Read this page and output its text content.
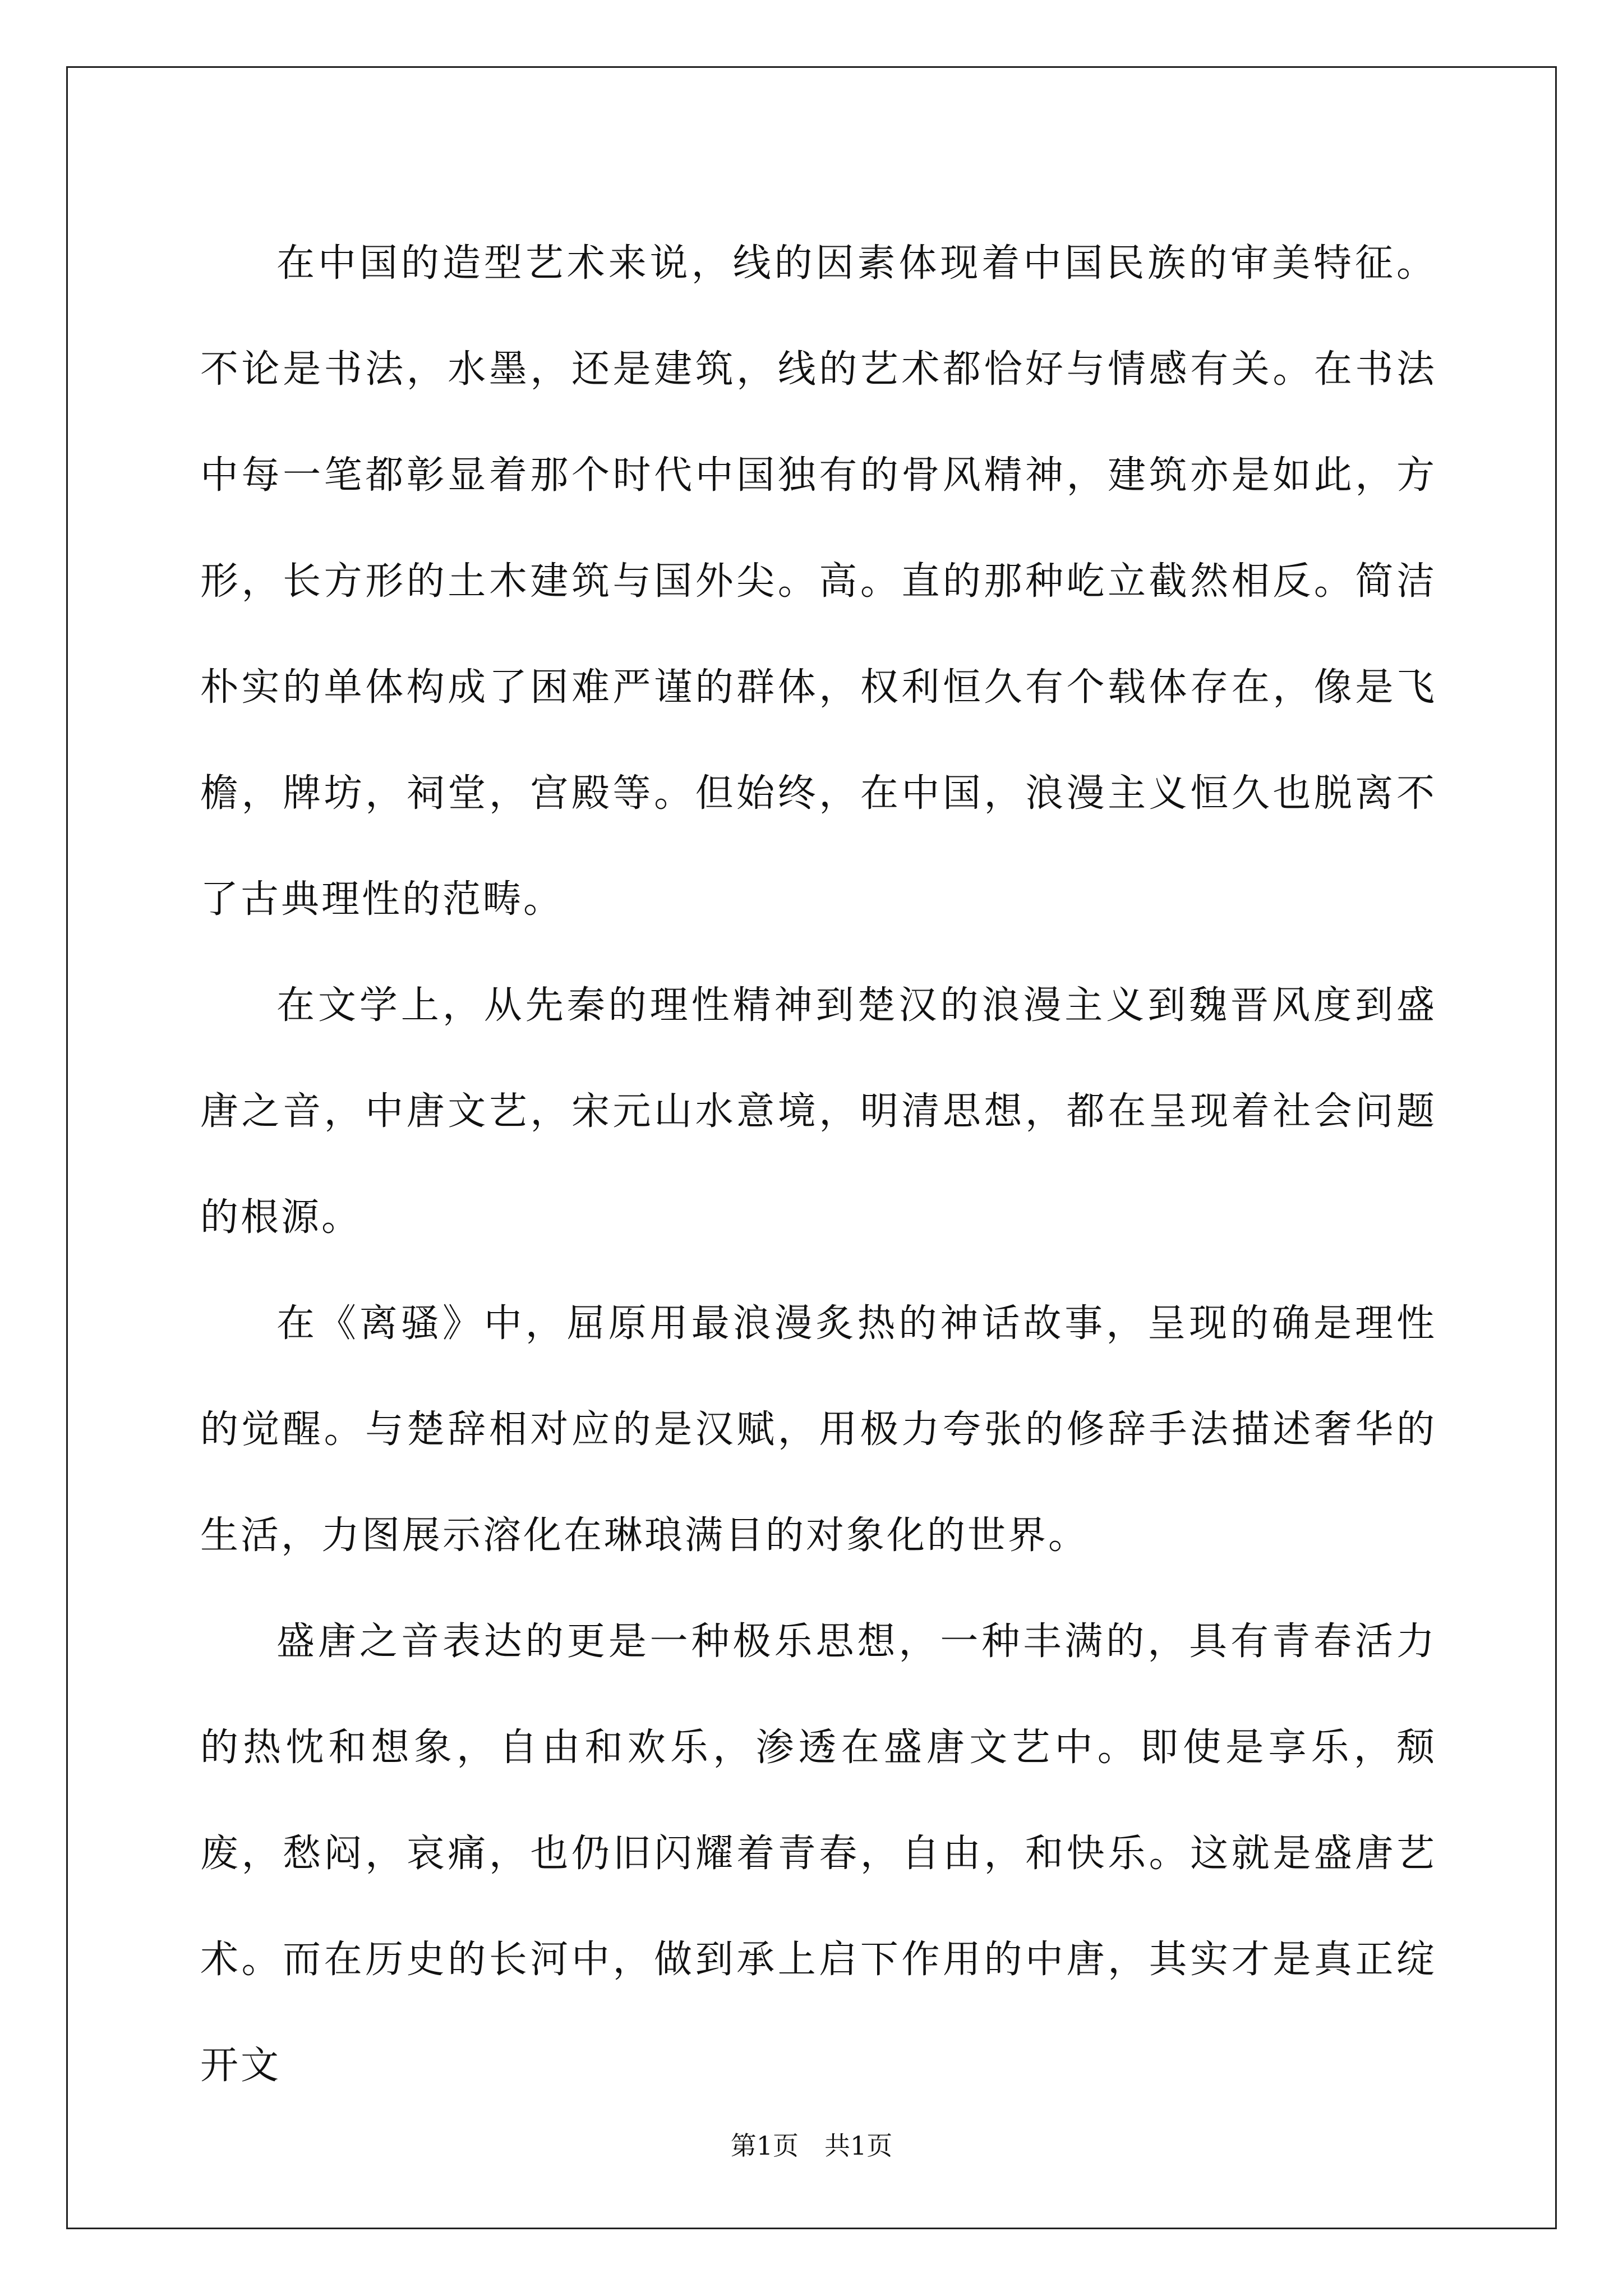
在中国的造型艺术来说，线的因素体现着中国民族的审美特征。不论是书法，水墨，还是建筑，线的艺术都恰好与情感有关。在书法中每一笔都彰显着那个时代中国独有的骨风精神，建筑亦是如此，方形，长方形的土木建筑与国外尖。高。直的那种屹立截然相反。简洁朴实的单体构成了困难严谨的群体，权利恒久有个载体存在，像是飞檐，牌坊，祠堂，宫殿等。但始终，在中国，浪漫主义恒久也脱离不了古典理性的范畴。

在文学上，从先秦的理性精神到楚汉的浪漫主义到魏晋风度到盛唐之音，中唐文艺，宋元山水意境，明清思想，都在呈现着社会问题的根源。

在《离骚》中，屈原用最浪漫炙热的神话故事，呈现的确是理性的觉醒。与楚辞相对应的是汉赋，用极力夸张的修辞手法描述奢华的生活，力图展示溶化在琳琅满目的对象化的世界。

盛唐之音表达的更是一种极乐思想，一种丰满的，具有青春活力的热忱和想象，自由和欢乐，渗透在盛唐文艺中。即使是享乐，颓废，愁闷，哀痛，也仍旧闪耀着青春，自由，和快乐。这就是盛唐艺术。而在历史的长河中，做到承上启下作用的中唐，其实才是真正绽开文

第1页　共1页
